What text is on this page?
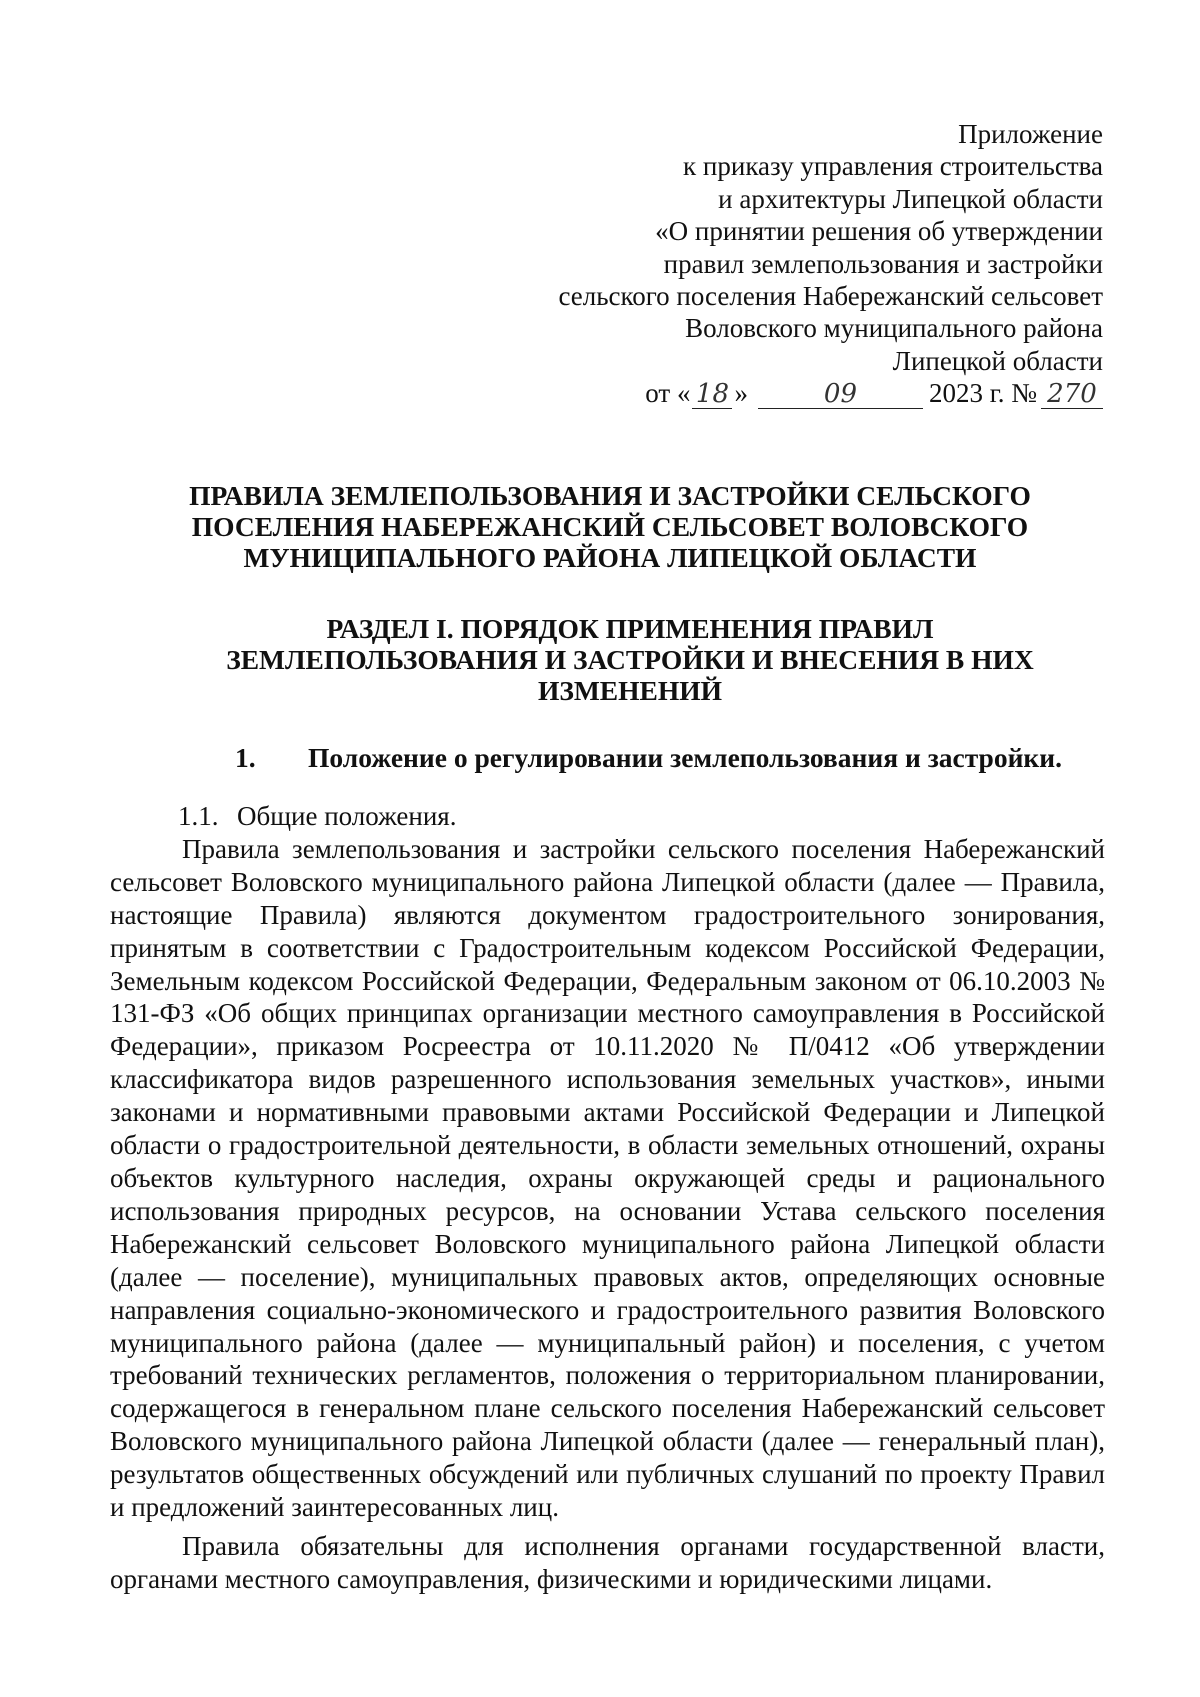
Приложение
к приказу управления строительства
и архитектуры Липецкой области
«О принятии решения об утверждении
правил землепользования и застройки
сельского поселения Набережанский сельсовет
Воловского муниципального района
Липецкой области
от « 18 »	09	2023 г. № 270
ПРАВИЛА ЗЕМЛЕПОЛЬЗОВАНИЯ И ЗАСТРОЙКИ СЕЛЬСКОГО
ПОСЕЛЕНИЯ НАБЕРЕЖАНСКИЙ СЕЛЬСОВЕТ ВОЛОВСКОГО
МУНИЦИПАЛЬНОГО РАЙОНА ЛИПЕЦКОЙ ОБЛАСТИ
РАЗДЕЛ I. ПОРЯДОК ПРИМЕНЕНИЯ ПРАВИЛ
ЗЕМЛЕПОЛЬЗОВАНИЯ И ЗАСТРОЙКИ И ВНЕСЕНИЯ В НИХ
ИЗМЕНЕНИЙ
1. Положение о регулировании землепользования и застройки.

1.1. Общие положения.

Правила землепользования и застройки сельского поселения Набережанский сельсовет Воловского муниципального района Липецкой области (далее — Правила, настоящие Правила) являются документом градостроительного зонирования, принятым в соответствии с Градостроительным кодексом Российской Федерации, Земельным кодексом Российской Федерации, Федеральным законом от 06.10.2003 № 131-ФЗ «Об общих принципах организации местного самоуправления в Российской Федерации», приказом Росреестра от 10.11.2020 № П/0412 «Об утверждении классификатора видов разрешенного использования земельных участков», иными законами и нормативными правовыми актами Российской Федерации и Липецкой области о градостроительной деятельности, в области земельных отношений, охраны объектов культурного наследия, охраны окружающей среды и рационального использования природных ресурсов, на основании Устава сельского поселения Набережанский сельсовет Воловского муниципального района Липецкой области (далее — поселение), муниципальных правовых актов, определяющих основные направления социально-экономического и градостроительного развития Воловского муниципального района (далее — муниципальный район) и поселения, с учетом требований технических регламентов, положения о территориальном планировании, содержащегося в генеральном плане сельского поселения Набережанский сельсовет Воловского муниципального района Липецкой области (далее — генеральный план), результатов общественных обсуждений или публичных слушаний по проекту Правил и предложений заинтересованных лиц.

Правила обязательны для исполнения органами государственной власти, органами местного самоуправления, физическими и юридическими лицами.
